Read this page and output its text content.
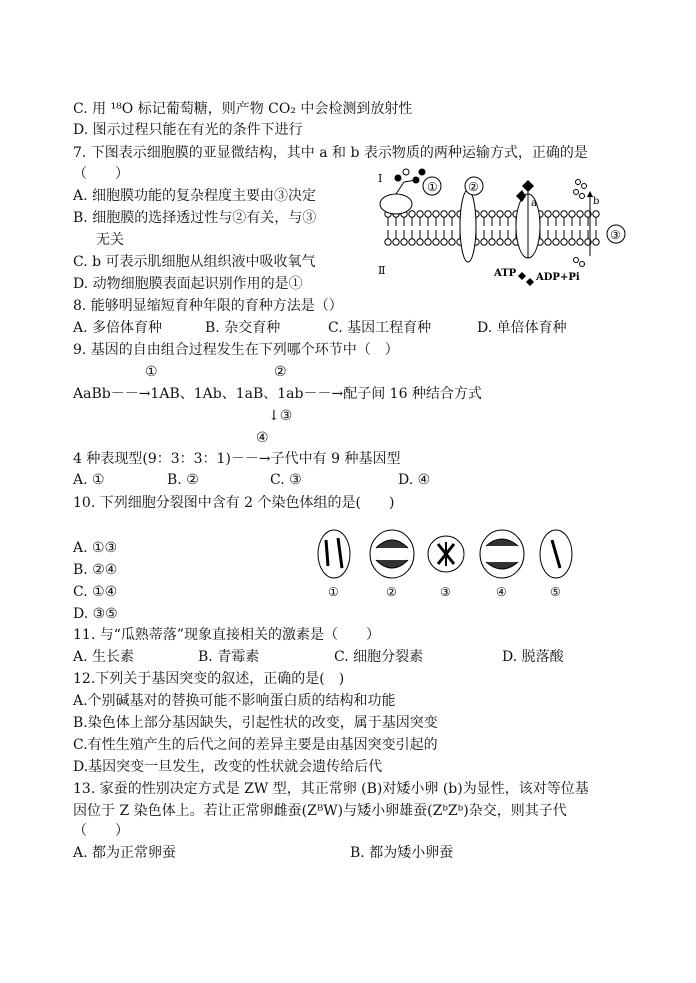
C. 用 ¹⁸O 标记葡萄糖，则产物 CO₂ 中会检测到放射性
D. 图示过程只能在有光的条件下进行
7. 下图表示细胞膜的亚显微结构，其中 a 和 b 表示物质的两种运输方式，正确的是
（　　）
A. 细胞膜功能的复杂程度主要由③决定
B. 细胞膜的选择透过性与②有关，与③
无关
C. b 可表示肌细胞从组织液中吸收氧气
D. 动物细胞膜表面起识别作用的是①
Ⅰ
Ⅱ
①	②
a	b
③
ATP ADP+Pi
8. 能够明显缩短育种年限的育种方法是（）
A. 多倍体育种	B. 杂交育种	C. 基因工程育种	D. 单倍体育种
9. 基因的自由组合过程发生在下列哪个环节中（　）
①	②
AaBb－－→1AB、1Ab、1aB、1ab－－→配子间 16 种结合方式
↓③
④
4 种表现型(9：3：3：1)－－→子代中有 9 种基因型
A. ①	B. ②	C. ③	D. ④
10. 下列细胞分裂图中含有 2 个染色体组的是(　　)
A. ①③
B. ②④
C. ①④
D. ③⑤
①	②	③	④	⑤
11. 与“瓜熟蒂落”现象直接相关的激素是（　　）
A. 生长素	B. 青霉素	C. 细胞分裂素	D. 脱落酸
12.下列关于基因突变的叙述，正确的是(　)
A.个别碱基对的替换可能不影响蛋白质的结构和功能
B.染色体上部分基因缺失，引起性状的改变，属于基因突变
C.有性生殖产生的后代之间的差异主要是由基因突变引起的
D.基因突变一旦发生，改变的性状就会遗传给后代
13. 家蚕的性别决定方式是 ZW 型，其正常卵 (B)对矮小卵 (b)为显性，该对等位基
因位于 Z 染色体上。若让正常卵雌蚕(ZᴮW)与矮小卵雄蚕(ZᵇZᵇ)杂交，则其子代
（　　）
A. 都为正常卵蚕	B. 都为矮小卵蚕
